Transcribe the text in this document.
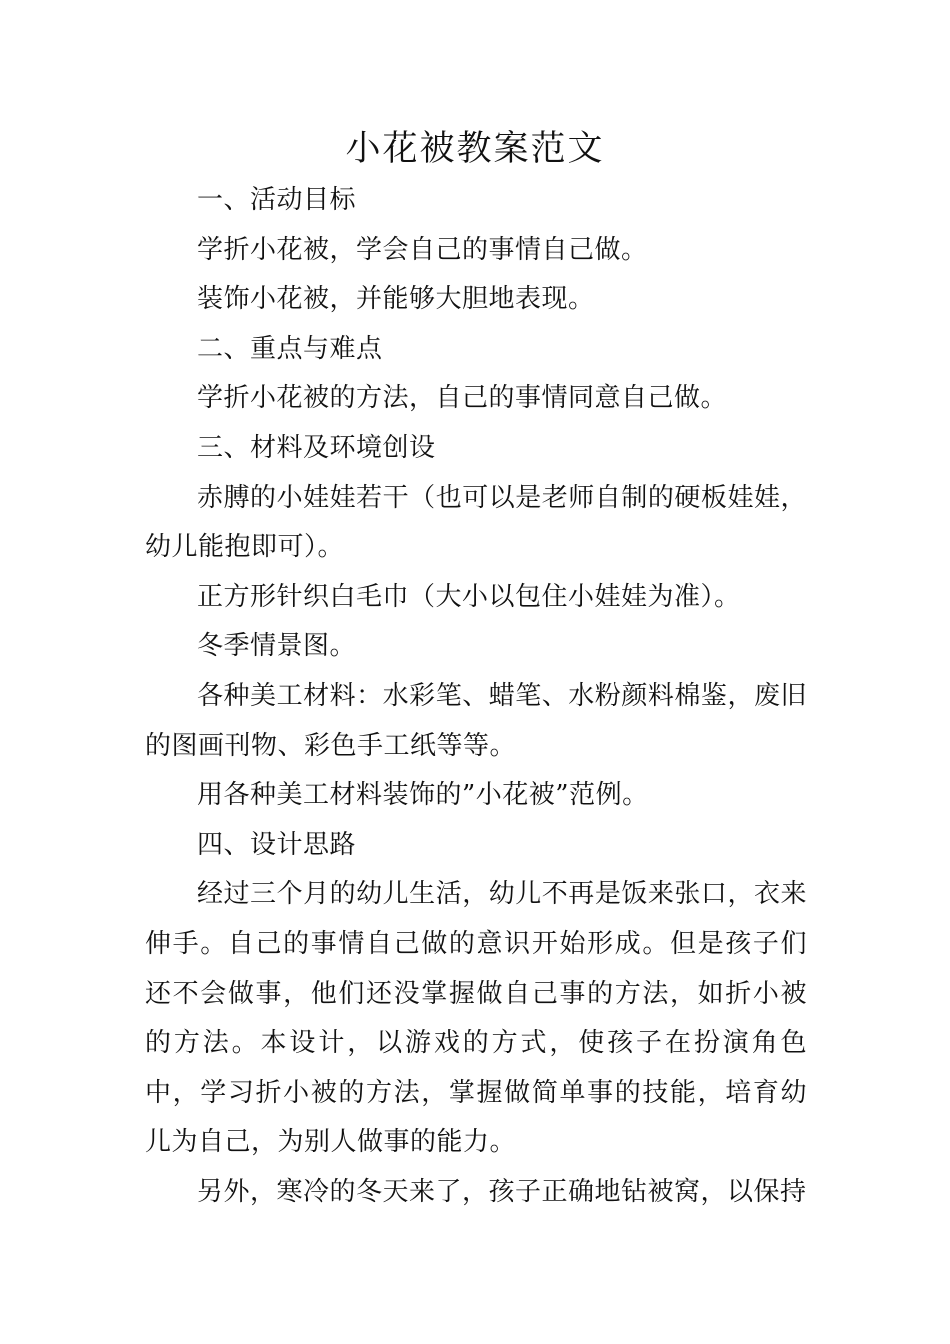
小花被教案范文

一、活动目标

学折小花被，学会自己的事情自己做。

装饰小花被，并能够大胆地表现。

二、重点与难点

学折小花被的方法，自己的事情同意自己做。

三、材料及环境创设

赤膊的小娃娃若干（也可以是老师自制的硬板娃娃，幼儿能抱即可）。

正方形针织白毛巾（大小以包住小娃娃为准）。

冬季情景图。

各种美工材料：水彩笔、蜡笔、水粉颜料棉鉴，废旧的图画刊物、彩色手工纸等等。

用各种美工材料装饰的”小花被”范例。

四、设计思路

经过三个月的幼儿生活，幼儿不再是饭来张口，衣来伸手。自己的事情自己做的意识开始形成。但是孩子们还不会做事，他们还没掌握做自己事的方法，如折小被的方法。本设计，以游戏的方式，使孩子在扮演角色中，学习折小被的方法，掌握做简单事的技能，培育幼儿为自己，为别人做事的能力。

另外，寒冷的冬天来了，孩子正确地钻被窝，以保持
